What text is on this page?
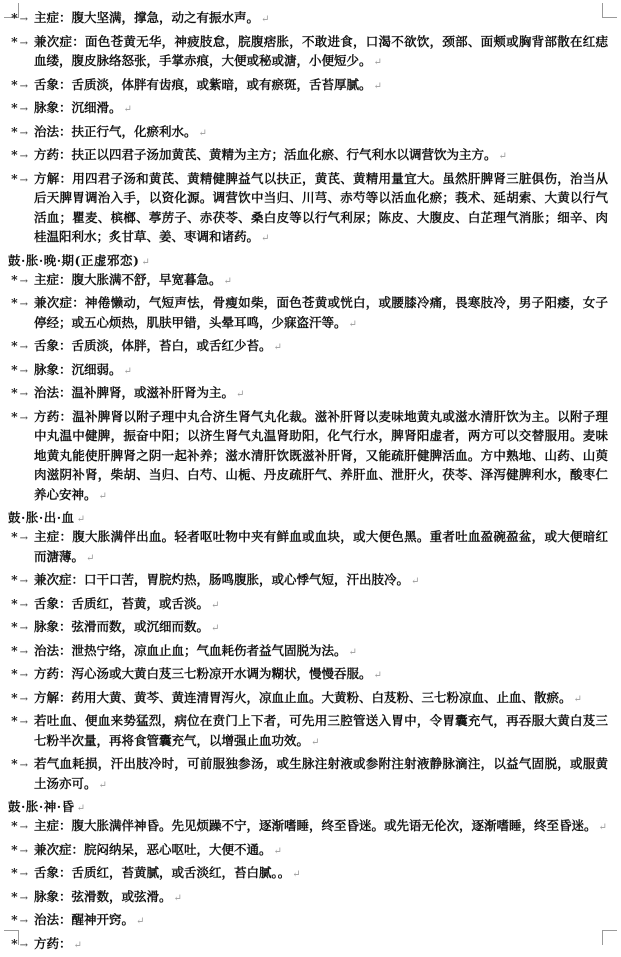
* → 主症：腹大坚满，撑急，动之有振水声。 ↵
* → 兼次症：面色苍黄无华，神疲肢怠，脘腹痞胀，不敢进食，口渴不欲饮，颈部、面颊或胸背部散在红痣血缕，腹皮脉络怒张，手掌赤痕，大便或秘或溏，小便短少。 ↵
* → 舌象：舌质淡，体胖有齿痕，或紫暗，或有瘀斑，舌苔厚腻。 ↵
* → 脉象：沉细滑。 ↵
* → 治法：扶正行气，化瘀利水。 ↵
* → 方药：扶正以四君子汤加黄芪、黄精为主方；活血化瘀、行气利水以调营饮为主方。 ↵
* → 方解：用四君子汤和黄芪、黄精健脾益气以扶正，黄芪、黄精用量宜大。虽然肝脾肾三脏俱伤，治当从后天脾胃调治入手，以资化源。调营饮中当归、川芎、赤芍等以活血化瘀；莪术、延胡索、大黄以行气活血；瞿麦、槟榔、葶苈子、赤茯苓、桑白皮等以行气利尿；陈皮、大腹皮、白芷理气消胀；细辛、肉桂温阳利水；炙甘草、姜、枣调和诸药。 ↵
鼓·胀·晚·期(正虚邪恋) ↵
* → 主症：腹大胀满不舒，早宽暮急。 ↵
* → 兼次症：神倦懒动，气短声怯，骨瘦如柴，面色苍黄或恍白，或腰膝冷痛，畏寒肢冷，男子阳痿，女子停经；或五心烦热，肌肤甲错，头晕耳鸣，少寐盗汗等。 ↵
* → 舌象：舌质淡，体胖，苔白，或舌红少苔。 ↵
* → 脉象：沉细弱。 ↵
* → 治法：温补脾肾，或滋补肝肾为主。 ↵
* → 方药：温补脾肾以附子理中丸合济生肾气丸化裁。滋补肝肾以麦味地黄丸或滋水清肝饮为主。以附子理中丸温中健脾，振奋中阳；以济生肾气丸温肾助阳，化气行水，脾肾阳虚者，两方可以交替服用。麦味地黄丸能使肝脾肾之阴一起补养；滋水清肝饮既滋补肝肾，又能疏肝健脾活血。方中熟地、山药、山萸肉滋阴补肾，柴胡、当归、白芍、山栀、丹皮疏肝气、养肝血、泄肝火，茯苓、泽泻健脾利水，酸枣仁养心安神。 ↵
鼓·胀·出·血 ↵
* → 主症：腹大胀满伴出血。轻者呕吐物中夹有鲜血或血块，或大便色黑。重者吐血盈碗盈盆，或大便暗红而溏薄。 ↵
* → 兼次症：口干口苦，胃脘灼热，肠鸣腹胀，或心悸气短，汗出肢冷。 ↵
* → 舌象：舌质红，苔黄，或舌淡。 ↵
* → 脉象：弦滑而数，或沉细而数。 ↵
* → 治法：泄热宁络，凉血止血；气血耗伤者益气固脱为法。 ↵
* → 方药：泻心汤或大黄白芨三七粉凉开水调为糊状，慢慢吞服。 ↵
* → 方解：药用大黄、黄芩、黄连清胃泻火，凉血止血。大黄粉、白芨粉、三七粉凉血、止血、散瘀。 ↵
* → 若吐血、便血来势猛烈，病位在贲门上下者，可先用三腔管送入胃中，令胃囊充气，再吞服大黄白芨三七粉半次量，再将食管囊充气，以增强止血功效。 ↵
* → 若气血耗损，汗出肢冷时，可前服独参汤，或生脉注射液或参附注射液静脉滴注，以益气固脱，或服黄土汤亦可。 ↵
鼓·胀·神·昏 ↵
* → 主症：腹大胀满伴神昏。先见烦躁不宁，逐渐嗜睡，终至昏迷。或先语无伦次，逐渐嗜睡，终至昏迷。 ↵
* → 兼次症：脘闷纳呆，恶心呕吐，大便不通。 ↵
* → 舌象：舌质红，苔黄腻，或舌淡红，苔白腻。。 ↵
* → 脉象：弦滑数，或弦滑。 ↵
* → 治法：醒神开窍。 ↵
* → 方药： ↵
